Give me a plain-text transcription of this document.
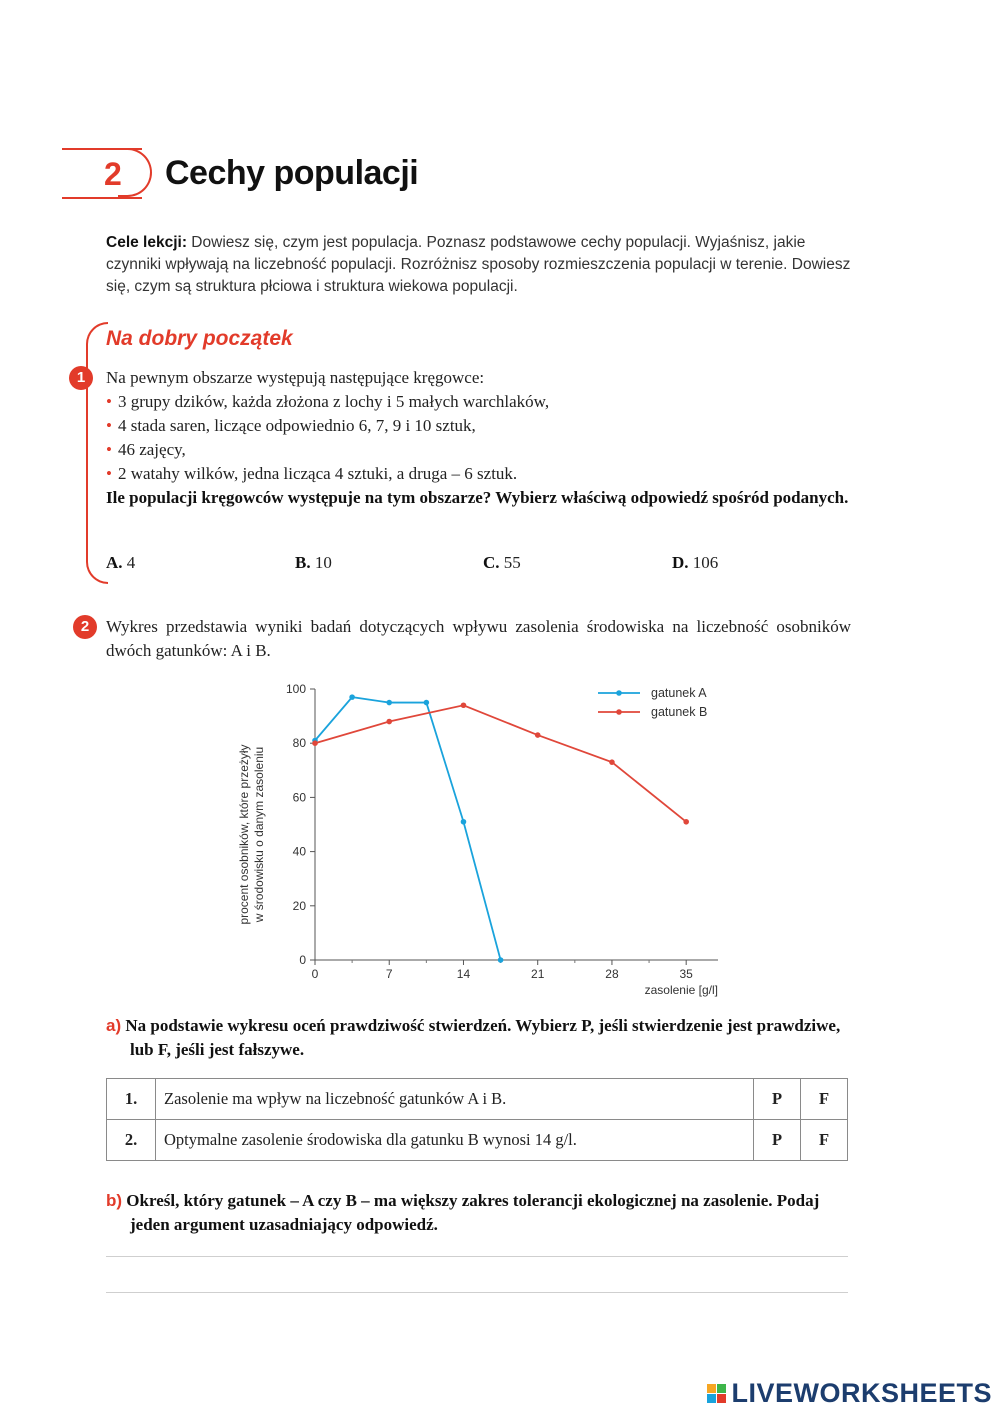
2 Cechy populacji
Cele lekcji: Dowiesz się, czym jest populacja. Poznasz podstawowe cechy populacji. Wyjaśnisz, jakie czynniki wpływają na liczebność populacji. Rozróżnisz sposoby rozmieszczenia populacji w terenie. Dowiesz się, czym są struktura płciowa i struktura wiekowa populacji.
Na dobry początek
1	Na pewnym obszarze występują następujące kręgowce:
• 3 grupy dzików, każda złożona z lochy i 5 małych warchlaków,
• 4 stada saren, liczące odpowiednio 6, 7, 9 i 10 sztuk,
• 46 zajęcy,
• 2 watahy wilków, jedna licząca 4 sztuki, a druga – 6 sztuk.
Ile populacji kręgowców występuje na tym obszarze? Wybierz właściwą odpowiedź spośród podanych.
A. 4	B. 10	C. 55	D. 106
2 Wykres przedstawia wyniki badań dotyczących wpływu zasolenia środowiska na liczebność osobników dwóch gatunków: A i B.
0
20
40
60
80
100
0	7	14	21	28	35
gatunek A
gatunek B
procent osobników, które przeżyły w środowisku o danym zasoleniu
zasolenie [g/l]
a) Na podstawie wykresu oceń prawdziwość stwierdzeń. Wybierz P, jeśli stwierdzenie jest prawdziwe, lub F, jeśli jest fałszywe.
1.	Zasolenie ma wpływ na liczebność gatunków A i B.	P	F
2.	Optymalne zasolenie środowiska dla gatunku B wynosi 14 g/l.	P	F
b) Określ, który gatunek – A czy B – ma większy zakres tolerancji ekologicznej na zasolenie. Podaj jeden argument uzasadniający odpowiedź.
LIVEWORKSHEETS
